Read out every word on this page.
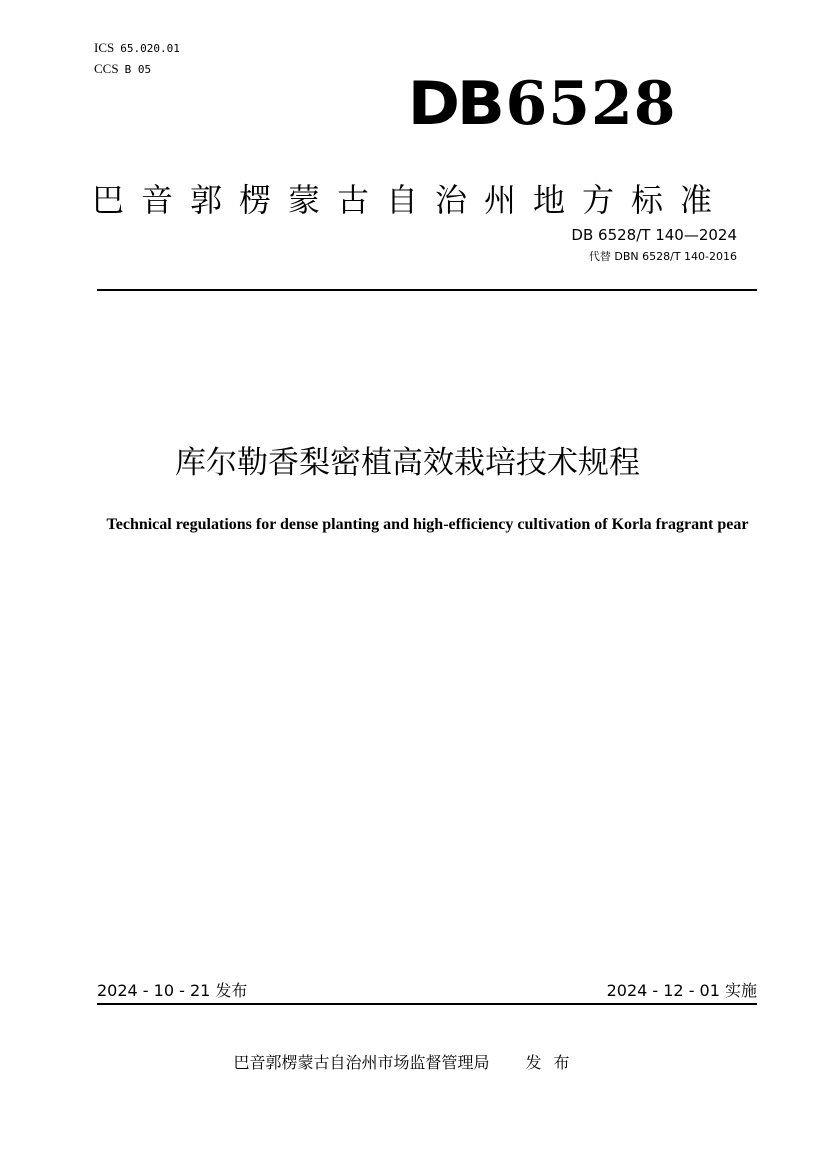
ICS 65.020.01
CCS B 05	DB6528
巴音郭楞蒙古自治州地方标准
DB 6528/T 140—2024
代替 DBN 6528/T 140-2016
库尔勒香梨密植高效栽培技术规程
Technical regulations for dense planting and high-efficiency cultivation of Korla fragrant pear
2024 - 10 - 21 发布	2024 - 12 - 01 实施
巴音郭楞蒙古自治州市场监督管理局 发布
